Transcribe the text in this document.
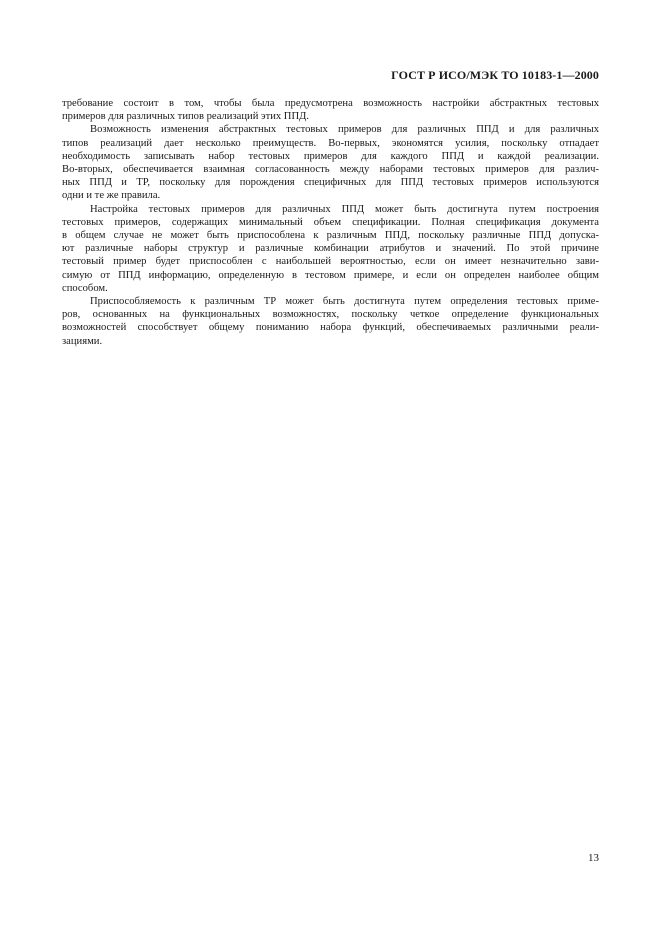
ГОСТ Р ИСО/МЭК ТО 10183-1—2000
требование состоит в том, чтобы была предусмотрена возможность настройки абстрактных тестовых
примеров для различных типов реализаций этих ППД.
Возможность изменения абстрактных тестовых примеров для различных ППД и для различных
типов реализаций дает несколько преимуществ. Во-первых, экономятся усилия, поскольку отпадает
необходимость записывать набор тестовых примеров для каждого ППД и каждой реализации.
Во-вторых, обеспечивается взаимная согласованность между наборами тестовых примеров для различ-
ных ППД и ТР, поскольку для порождения специфичных для ППД тестовых примеров используются
одни и те же правила.
Настройка тестовых примеров для различных ППД может быть достигнута путем построения
тестовых примеров, содержащих минимальный объем спецификации. Полная спецификация документа
в общем случае не может быть приспособлена к различным ППД, поскольку различные ППД допуска-
ют различные наборы структур и различные комбинации атрибутов и значений. По этой причине
тестовый пример будет приспособлен с наибольшей вероятностью, если он имеет незначительно зави-
симую от ППД информацию, определенную в тестовом примере, и если он определен наиболее общим
способом.
Приспособляемость к различным ТР может быть достигнута путем определения тестовых приме-
ров, основанных на функциональных возможностях, поскольку четкое определение функциональных
возможностей способствует общему пониманию набора функций, обеспечиваемых различными реали-
зациями.
13
